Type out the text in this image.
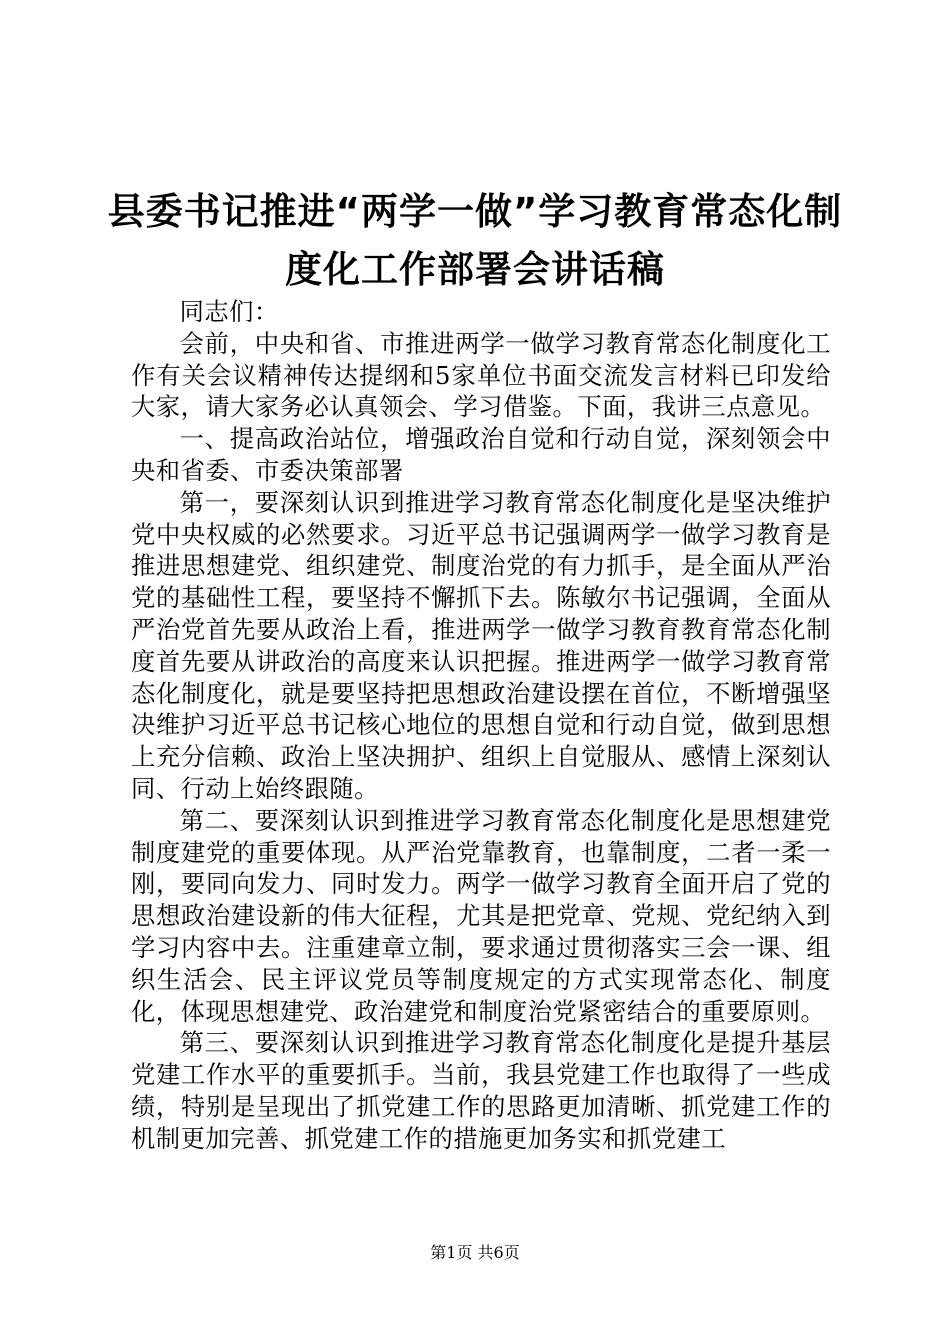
县委书记推进“两学一做”学习教育常态化制
度化工作部署会讲话稿

同志们：

会前，中央和省、市推进两学一做学习教育常态化制度化工作有关会议精神传达提纲和5家单位书面交流发言材料已印发给大家，请大家务必认真领会、学习借鉴。下面，我讲三点意见。

一、提高政治站位，增强政治自觉和行动自觉，深刻领会中央和省委、市委决策部署

第一，要深刻认识到推进学习教育常态化制度化是坚决维护党中央权威的必然要求。习近平总书记强调两学一做学习教育是推进思想建党、组织建党、制度治党的有力抓手，是全面从严治党的基础性工程，要坚持不懈抓下去。陈敏尔书记强调，全面从严治党首先要从政治上看，推进两学一做学习教育教育常态化制度首先要从讲政治的高度来认识把握。推进两学一做学习教育常态化制度化，就是要坚持把思想政治建设摆在首位，不断增强坚决维护习近平总书记核心地位的思想自觉和行动自觉，做到思想上充分信赖、政治上坚决拥护、组织上自觉服从、感情上深刻认同、行动上始终跟随。

第二、要深刻认识到推进学习教育常态化制度化是思想建党制度建党的重要体现。从严治党靠教育，也靠制度，二者一柔一刚，要同向发力、同时发力。两学一做学习教育全面开启了党的思想政治建设新的伟大征程，尤其是把党章、党规、党纪纳入到学习内容中去。注重建章立制，要求通过贯彻落实三会一课、组织生活会、民主评议党员等制度规定的方式实现常态化、制度化，体现思想建党、政治建党和制度治党紧密结合的重要原则。

第三、要深刻认识到推进学习教育常态化制度化是提升基层党建工作水平的重要抓手。当前，我县党建工作也取得了一些成绩，特别是呈现出了抓党建工作的思路更加清晰、抓党建工作的机制更加完善、抓党建工作的措施更加务实和抓党建工

第1页 共6页
